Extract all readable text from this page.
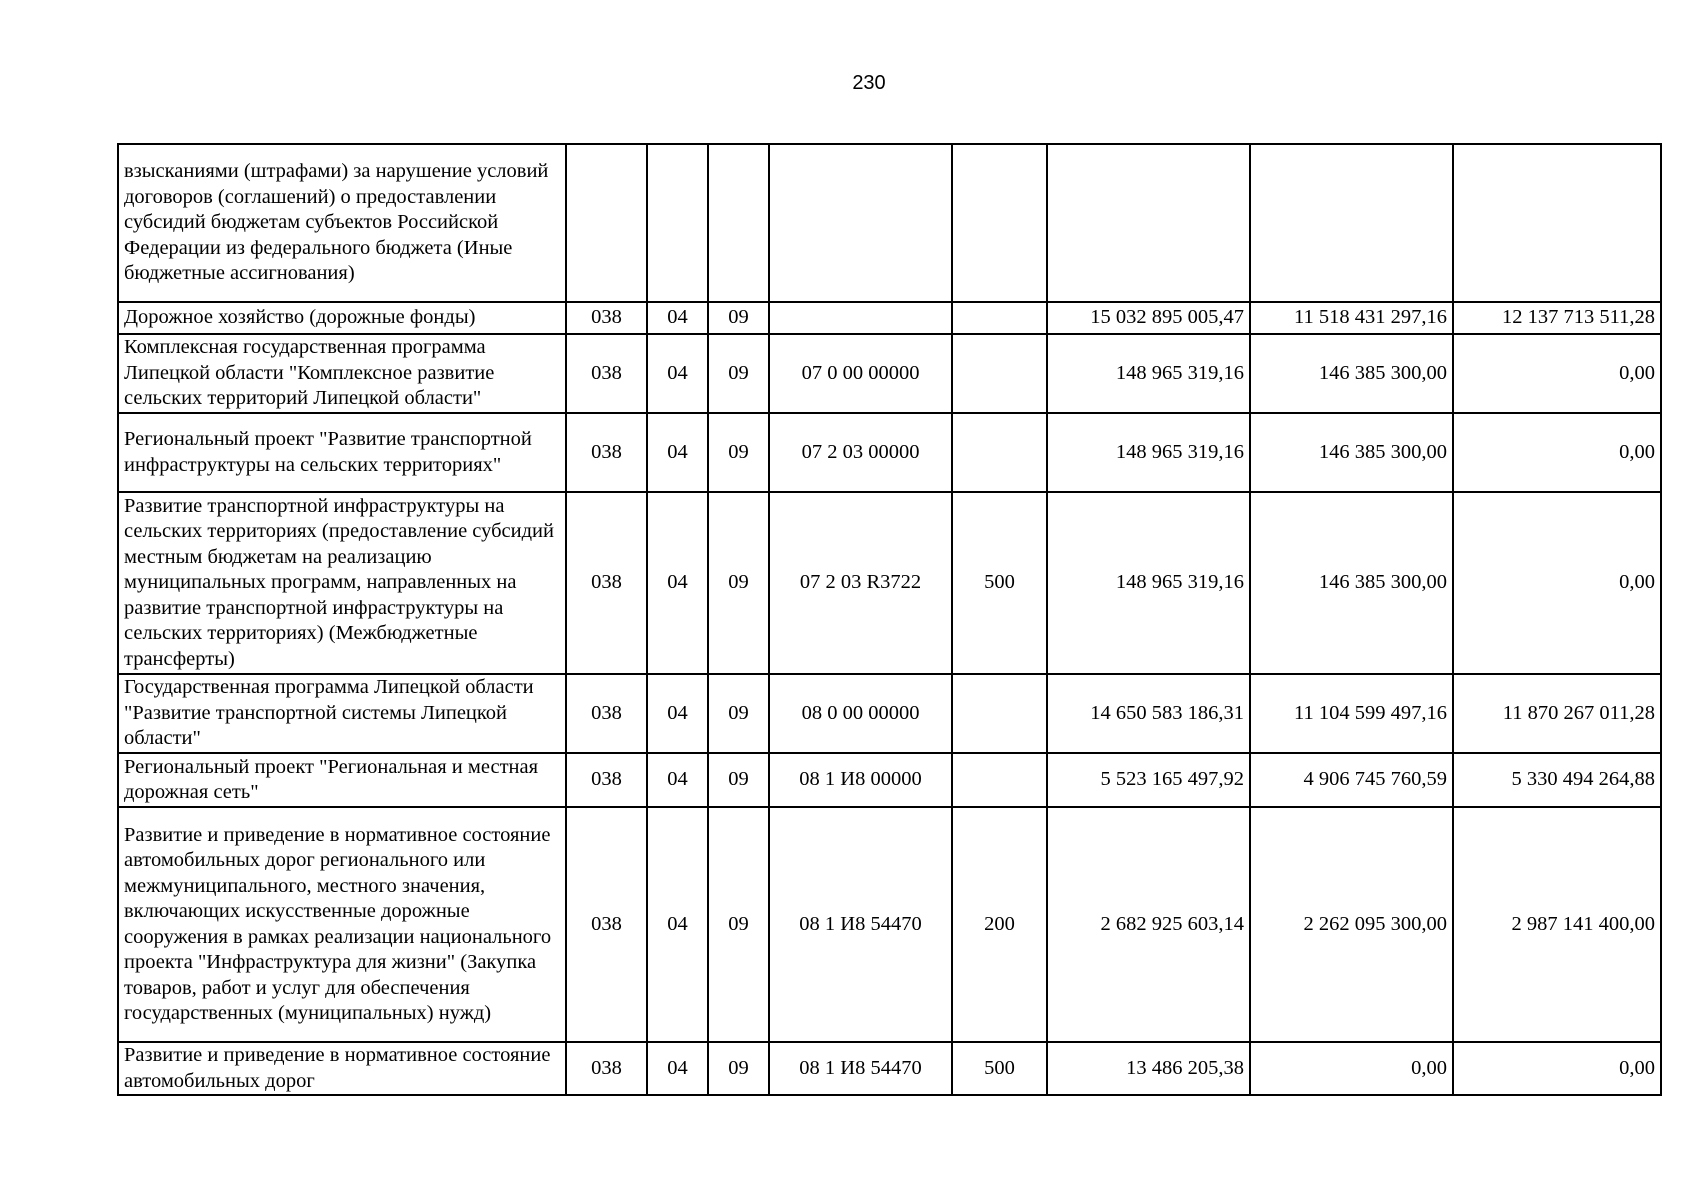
230
взысканиями (штрафами) за нарушение условий договоров (соглашений) о предоставлении субсидий бюджетам субъектов Российской Федерации из федерального бюджета (Иные бюджетные ассигнования)								
Дорожное хозяйство (дорожные фонды)	038	04	09			15 032 895 005,47	11 518 431 297,16	12 137 713 511,28
Комплексная государственная программа Липецкой области "Комплексное развитие сельских территорий Липецкой области"	038	04	09	07 0 00 00000		148 965 319,16	146 385 300,00	0,00
Региональный проект "Развитие транспортной инфраструктуры на сельских территориях"	038	04	09	07 2 03 00000		148 965 319,16	146 385 300,00	0,00
Развитие транспортной инфраструктуры на сельских территориях (предоставление субсидий местным бюджетам на реализацию муниципальных программ, направленных на развитие транспортной инфраструктуры на сельских территориях) (Межбюджетные трансферты)	038	04	09	07 2 03 R3722	500	148 965 319,16	146 385 300,00	0,00
Государственная программа Липецкой области "Развитие транспортной системы Липецкой области"	038	04	09	08 0 00 00000		14 650 583 186,31	11 104 599 497,16	11 870 267 011,28
Региональный проект "Региональная и местная дорожная сеть"	038	04	09	08 1 И8 00000		5 523 165 497,92	4 906 745 760,59	5 330 494 264,88
Развитие и приведение в нормативное состояние автомобильных дорог регионального или межмуниципального, местного значения, включающих искусственные дорожные сооружения в рамках реализации национального проекта "Инфраструктура для жизни" (Закупка товаров, работ и услуг для обеспечения государственных (муниципальных) нужд)	038	04	09	08 1 И8 54470	200	2 682 925 603,14	2 262 095 300,00	2 987 141 400,00
Развитие и приведение в нормативное состояние автомобильных дорог	038	04	09	08 1 И8 54470	500	13 486 205,38	0,00	0,00
